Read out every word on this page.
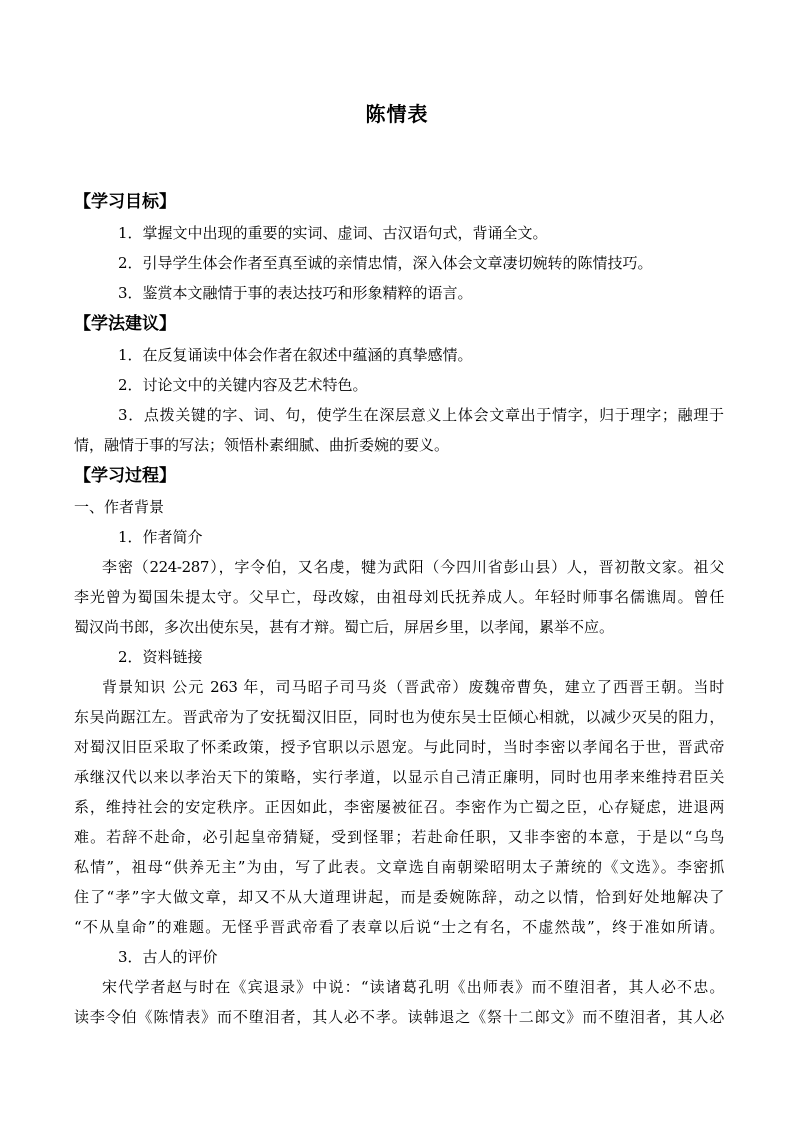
陈情表
【学习目标】
1．掌握文中出现的重要的实词、虚词、古汉语句式，背诵全文。
2．引导学生体会作者至真至诚的亲情忠情，深入体会文章凄切婉转的陈情技巧。
3．鉴赏本文融情于事的表达技巧和形象精粹的语言。
【学法建议】
1．在反复诵读中体会作者在叙述中蕴涵的真挚感情。
2．讨论文中的关键内容及艺术特色。
3．点拨关键的字、词、句，使学生在深层意义上体会文章出于情字，归于理字；融理于
情，融情于事的写法；领悟朴素细腻、曲折委婉的要义。
【学习过程】
一、作者背景
1．作者简介
李密（224-287），字令伯，又名虔，犍为武阳（今四川省彭山县）人，晋初散文家。祖父
李光曾为蜀国朱提太守。父早亡，母改嫁，由祖母刘氏抚养成人。年轻时师事名儒谯周。曾任
蜀汉尚书郎，多次出使东吴，甚有才辩。蜀亡后，屏居乡里，以孝闻，累举不应。
2．资料链接
背景知识 公元 263 年，司马昭子司马炎（晋武帝）废魏帝曹奂，建立了西晋王朝。当时
东吴尚踞江左。晋武帝为了安抚蜀汉旧臣，同时也为使东吴士臣倾心相就，以减少灭吴的阻力，
对蜀汉旧臣采取了怀柔政策，授予官职以示恩宠。与此同时，当时李密以孝闻名于世，晋武帝
承继汉代以来以孝治天下的策略，实行孝道，以显示自己清正廉明，同时也用孝来维持君臣关
系，维持社会的安定秩序。正因如此，李密屡被征召。李密作为亡蜀之臣，心存疑虑，进退两
难。若辞不赴命，必引起皇帝猜疑，受到怪罪；若赴命任职，又非李密的本意，于是以“乌鸟
私情”，祖母“供养无主”为由，写了此表。文章选自南朝梁昭明太子萧统的《文选》。李密抓
住了“孝”字大做文章，却又不从大道理讲起，而是委婉陈辞，动之以情，恰到好处地解决了
“不从皇命”的难题。无怪乎晋武帝看了表章以后说“士之有名，不虚然哉”，终于准如所请。
3．古人的评价
宋代学者赵与时在《宾退录》中说：“读诸葛孔明《出师表》而不堕泪者，其人必不忠。
读李令伯《陈情表》而不堕泪者，其人必不孝。读韩退之《祭十二郎文》而不堕泪者，其人必
